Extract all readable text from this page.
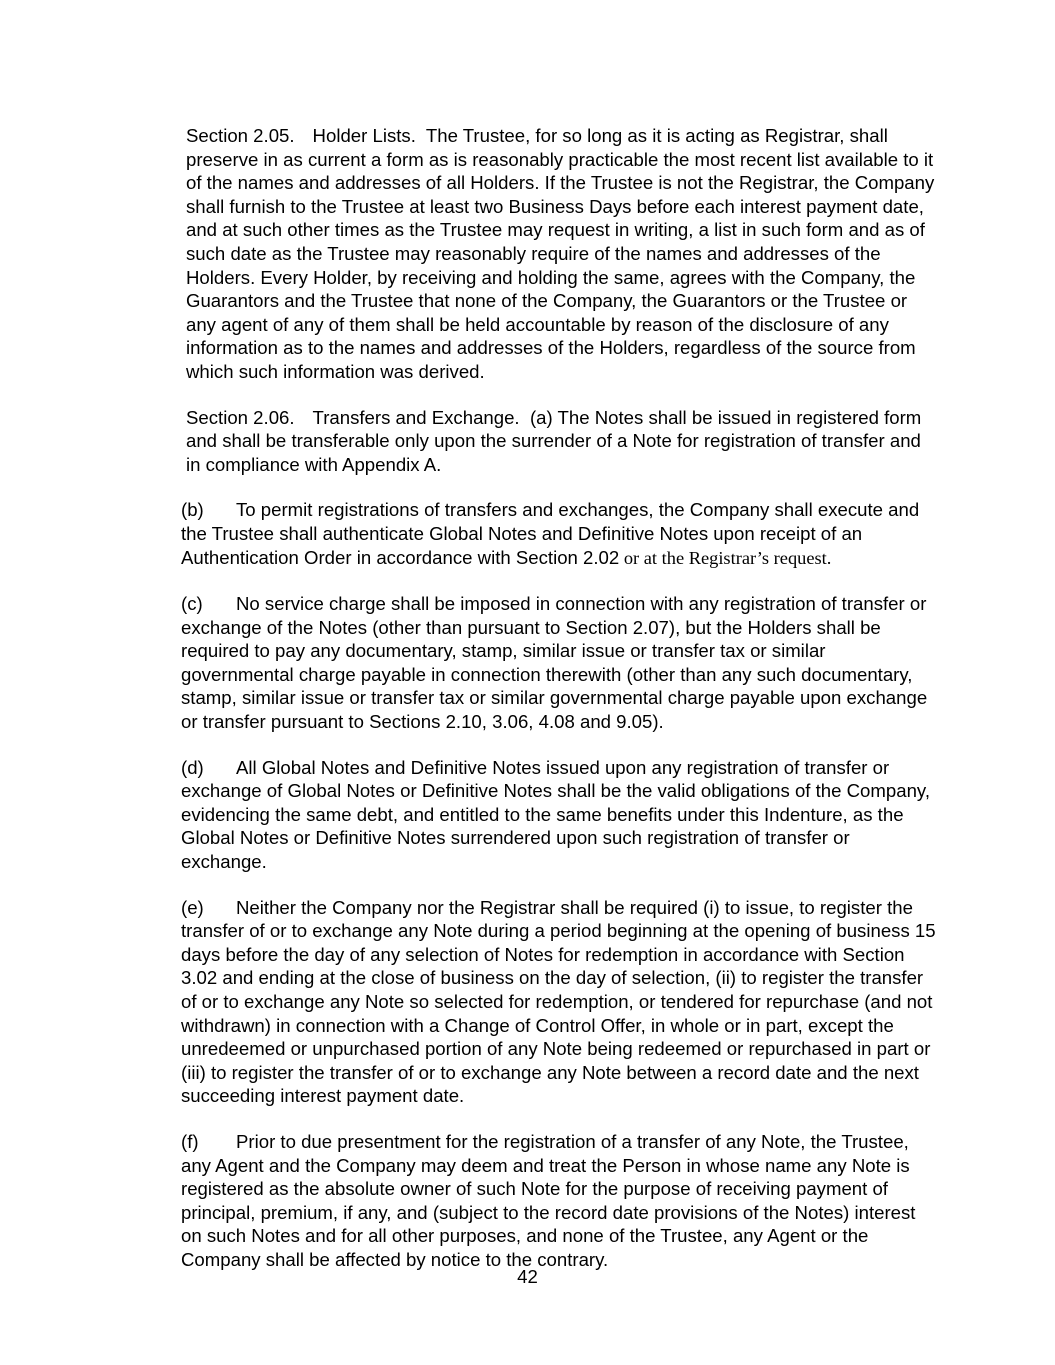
Section 2.05. Holder Lists. The Trustee, for so long as it is acting as Registrar, shall preserve in as current a form as is reasonably practicable the most recent list available to it of the names and addresses of all Holders. If the Trustee is not the Registrar, the Company shall furnish to the Trustee at least two Business Days before each interest payment date, and at such other times as the Trustee may request in writing, a list in such form and as of such date as the Trustee may reasonably require of the names and addresses of the Holders. Every Holder, by receiving and holding the same, agrees with the Company, the Guarantors and the Trustee that none of the Company, the Guarantors or the Trustee or any agent of any of them shall be held accountable by reason of the disclosure of any information as to the names and addresses of the Holders, regardless of the source from which such information was derived.

Section 2.06. Transfers and Exchange. (a) The Notes shall be issued in registered form and shall be transferable only upon the surrender of a Note for registration of transfer and in compliance with Appendix A.

(b) To permit registrations of transfers and exchanges, the Company shall execute and the Trustee shall authenticate Global Notes and Definitive Notes upon receipt of an Authentication Order in accordance with Section 2.02 or at the Registrar’s request.

(c) No service charge shall be imposed in connection with any registration of transfer or exchange of the Notes (other than pursuant to Section 2.07), but the Holders shall be required to pay any documentary, stamp, similar issue or transfer tax or similar governmental charge payable in connection therewith (other than any such documentary, stamp, similar issue or transfer tax or similar governmental charge payable upon exchange or transfer pursuant to Sections 2.10, 3.06, 4.08 and 9.05).

(d) All Global Notes and Definitive Notes issued upon any registration of transfer or exchange of Global Notes or Definitive Notes shall be the valid obligations of the Company, evidencing the same debt, and entitled to the same benefits under this Indenture, as the Global Notes or Definitive Notes surrendered upon such registration of transfer or exchange.

(e) Neither the Company nor the Registrar shall be required (i) to issue, to register the transfer of or to exchange any Note during a period beginning at the opening of business 15 days before the day of any selection of Notes for redemption in accordance with Section 3.02 and ending at the close of business on the day of selection, (ii) to register the transfer of or to exchange any Note so selected for redemption, or tendered for repurchase (and not withdrawn) in connection with a Change of Control Offer, in whole or in part, except the unredeemed or unpurchased portion of any Note being redeemed or repurchased in part or (iii) to register the transfer of or to exchange any Note between a record date and the next succeeding interest payment date.

(f) Prior to due presentment for the registration of a transfer of any Note, the Trustee, any Agent and the Company may deem and treat the Person in whose name any Note is registered as the absolute owner of such Note for the purpose of receiving payment of principal, premium, if any, and (subject to the record date provisions of the Notes) interest on such Notes and for all other purposes, and none of the Trustee, any Agent or the Company shall be affected by notice to the contrary.

42
